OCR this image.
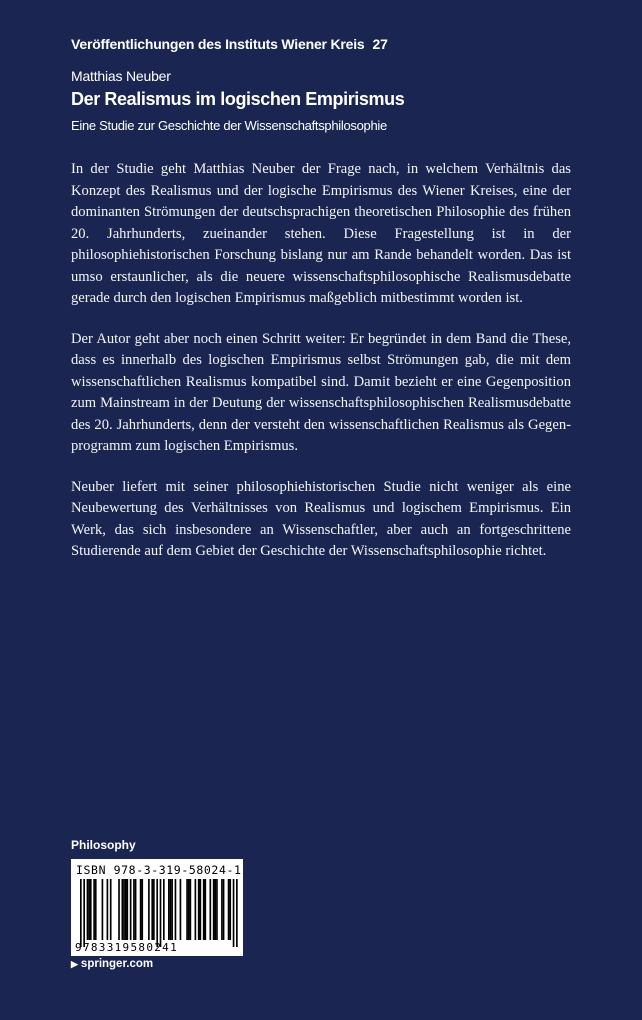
Veröffentlichungen des Instituts Wiener Kreis 27
Matthias Neuber
Der Realismus im logischen Empirismus
Eine Studie zur Geschichte der Wissenschaftsphilosophie

In der Studie geht Matthias Neuber der Frage nach, in welchem Verhältnis das Konzept des Realismus und der logische Empirismus des Wiener Kreises, eine der dominanten Strömungen der deutschsprachigen theoretischen Philosophie des frühen 20. Jahrhunderts, zueinander stehen. Diese Fragestellung ist in der philosophiehistorischen Forschung bislang nur am Rande behandelt worden. Das ist umso erstaunlicher, als die neuere wissenschaftsphilosophische Realismusdebatte gerade durch den logischen Empirismus maßgeblich mitbestimmt worden ist.

Der Autor geht aber noch einen Schritt weiter: Er begründet in dem Band die These, dass es innerhalb des logischen Empirismus selbst Strömungen gab, die mit dem wissenschaftlichen Realismus kompatibel sind. Damit bezieht er eine Gegenposition zum Mainstream in der Deutung der wissenschaftsphilosophischen Realismusdebatte des 20. Jahrhunderts, denn der versteht den wissenschaftlichen Realismus als Gegenprogramm zum logischen Empirismus.

Neuber liefert mit seiner philosophiehistorischen Studie nicht weniger als eine Neubewertung des Verhältnisses von Realismus und logischem Empirismus. Ein Werk, das sich insbesondere an Wissenschaftler, aber auch an fortgeschrittene Studierende auf dem Gebiet der Geschichte der Wissenschaftsphilosophie richtet.

Philosophy
ISBN 978-3-319-58024-1
9783319580241
▶ springer.com
